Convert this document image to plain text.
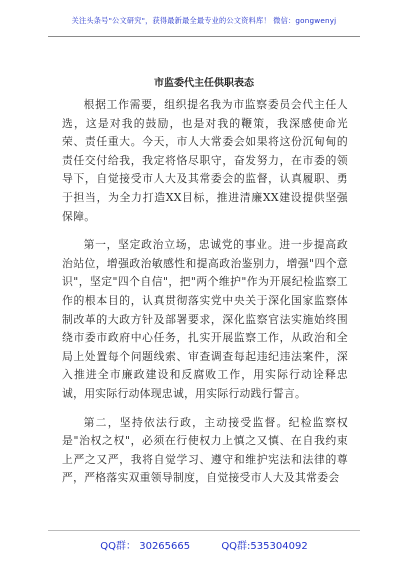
关注头条号"公文研究"，获得最新最全最专业的公文资料库！ 微信：gongwenyj
市监委代主任供职表态

根据工作需要，组织提名我为市监察委员会代主任人选，这是对我的鼓励，也是对我的鞭策，我深感使命光荣、责任重大。今天，市人大常委会如果将这份沉甸甸的责任交付给我，我定将恪尽职守，奋发努力，在市委的领导下，自觉接受市人大及其常委会的监督，认真履职、勇于担当，为全力打造XX目标，推进清廉XX建设提供坚强保障。

第一，坚定政治立场，忠诚党的事业。进一步提高政治站位，增强政治敏感性和提高政治鉴别力，增强"四个意识"，坚定"四个自信"，把"两个维护"作为开展纪检监察工作的根本目的，认真贯彻落实党中央关于深化国家监察体制改革的大政方针及部署要求，深化监察官法实施始终围绕市委市政府中心任务，扎实开展监察工作，从政治和全局上处置每个问题线索、审查调查每起违纪违法案件，深入推进全市廉政建设和反腐败工作，用实际行动诠释忠诚，用实际行动体现忠诚，用实际行动践行誓言。

第二，坚持依法行政，主动接受监督。纪检监察权是"治权之权"，必须在行使权力上慎之又慎、在自我约束上严之又严，我将自觉学习、遵守和维护宪法和法律的尊严，严格落实双重领导制度，自觉接受市人大及其常委会

QQ群： 30265665	QQ群:535304092
